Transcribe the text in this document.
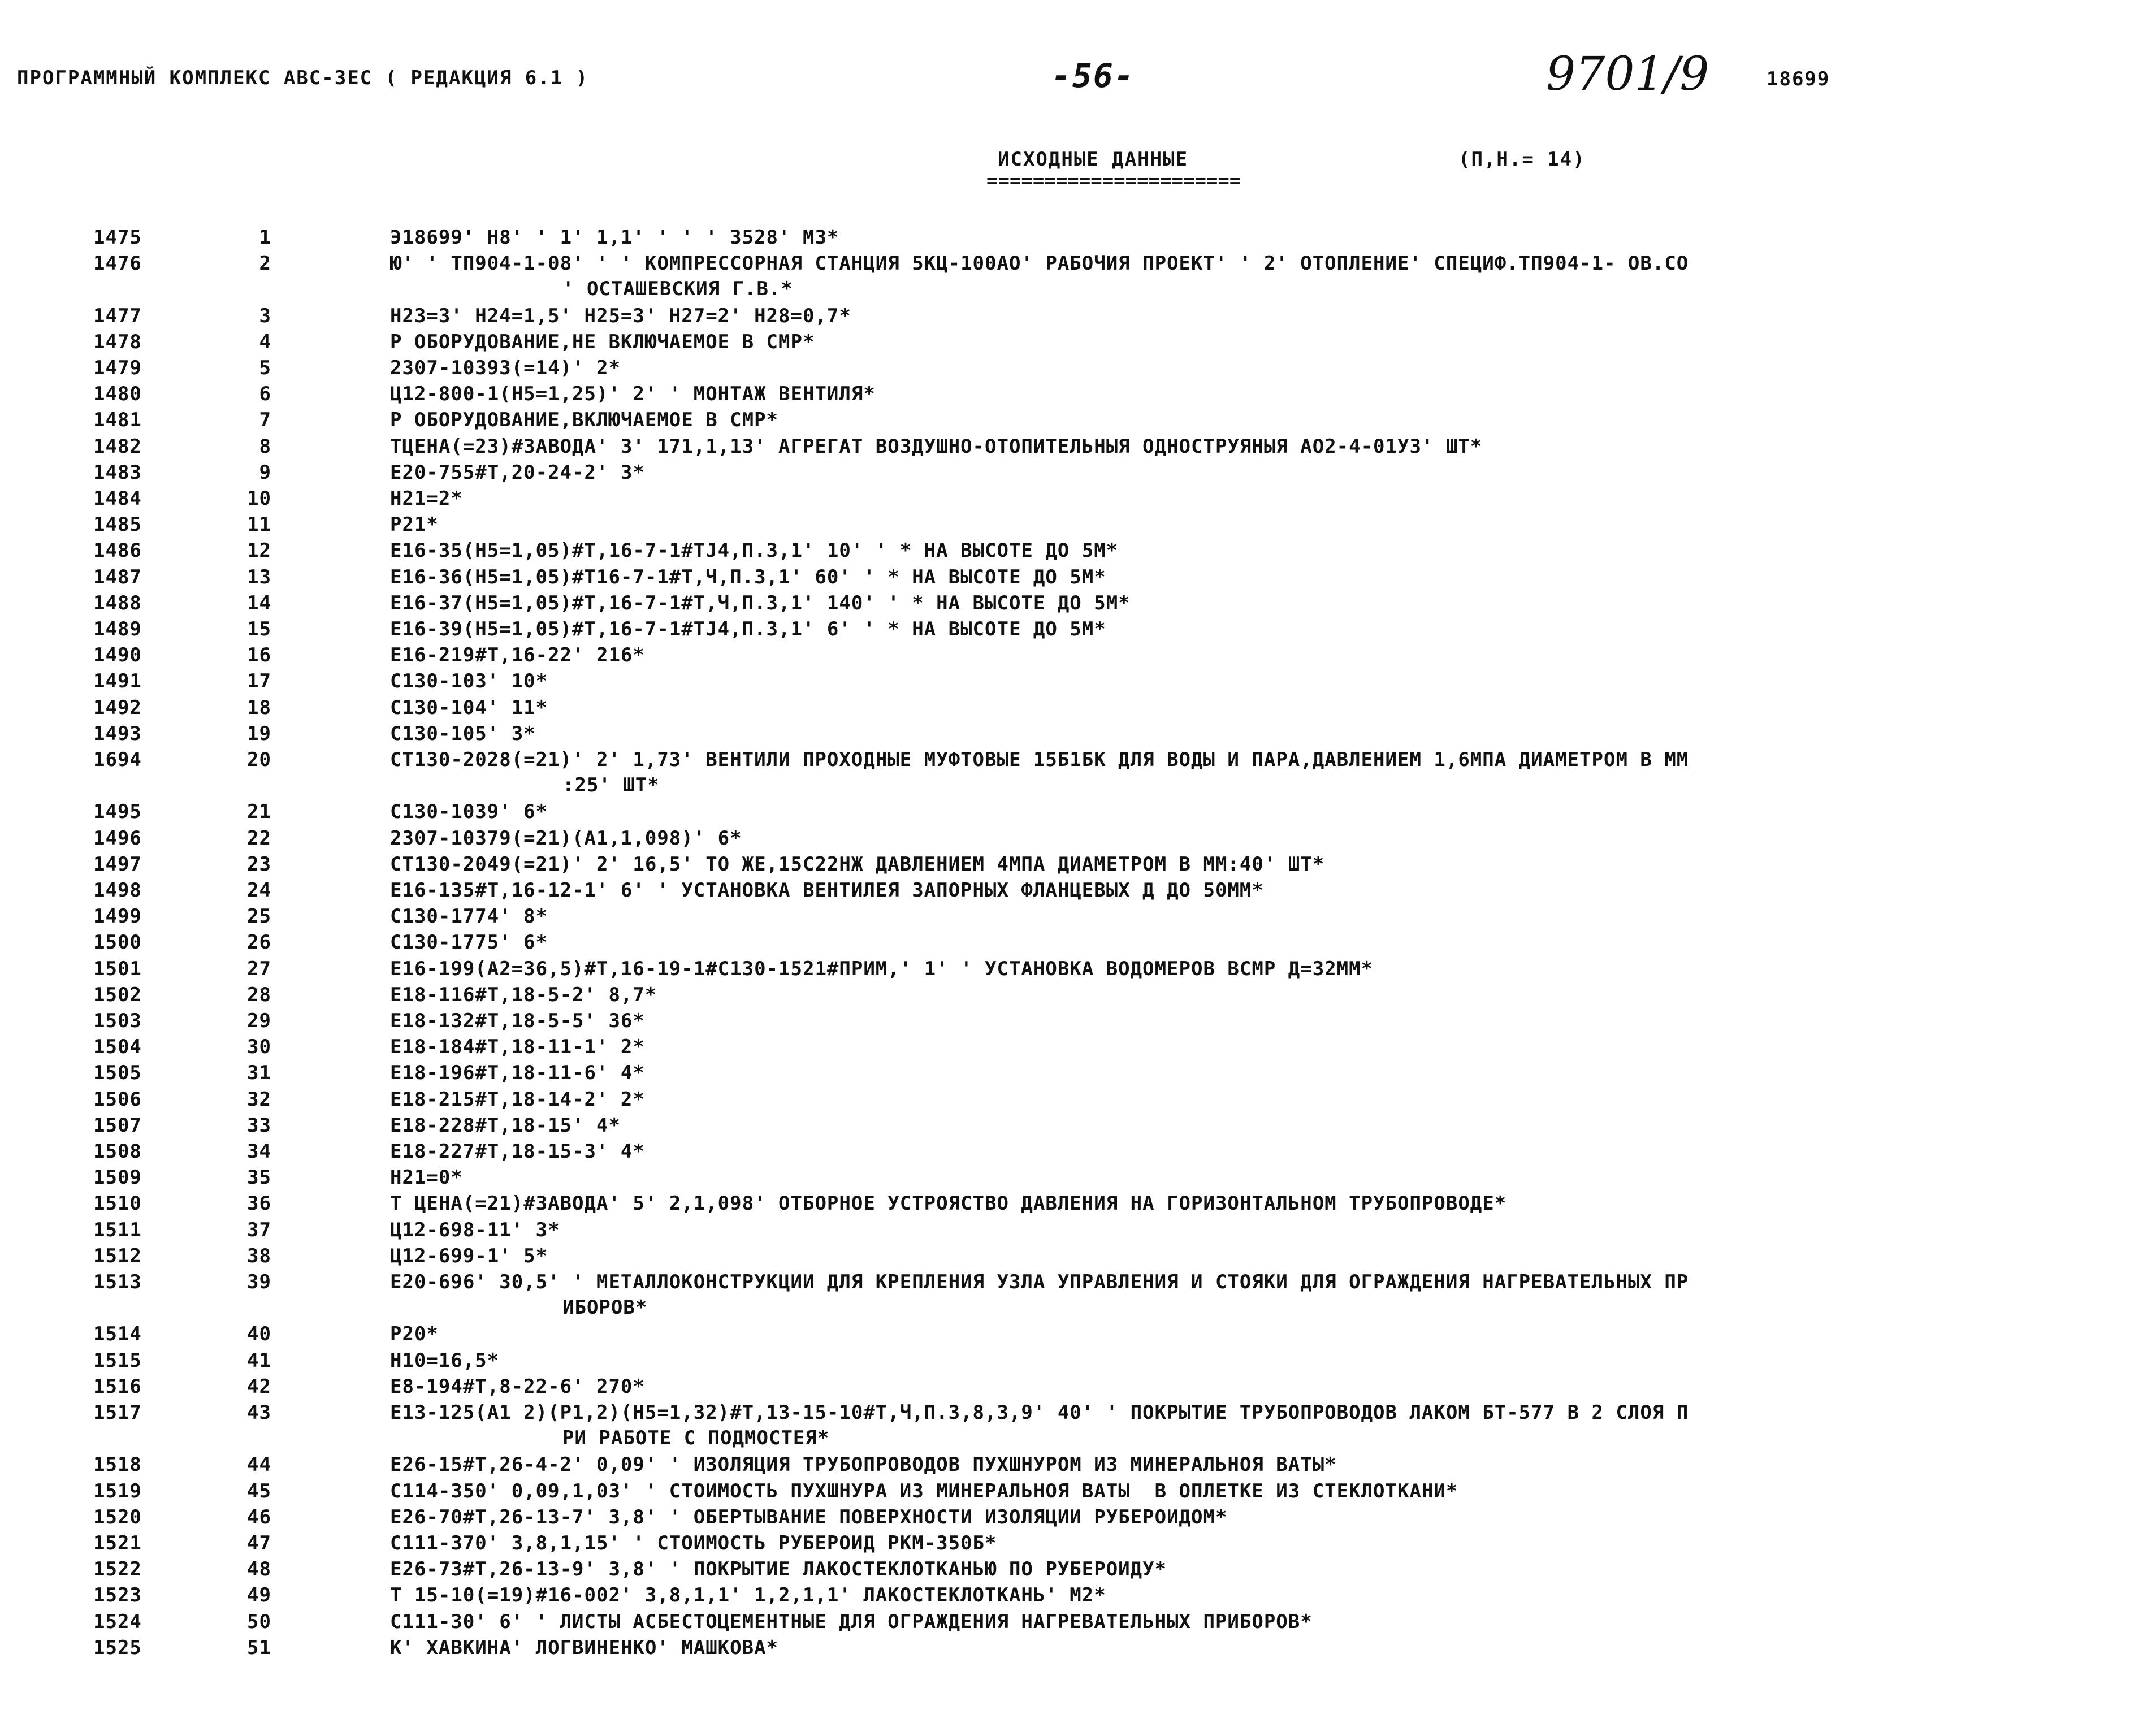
ПРОГРАММНЫЙ КОМПЛЕКС АВС-3ЕС ( РЕДАКЦИЯ 6.1 )	-56-	9701/9	18699
ИСХОДНЫЕ ДАННЫЕ	(П,Н.= 14)
======================
1475	1	Э18699' Н8' ' 1' 1,1' ' ' ' 3528' М3*
1476	2	Ю' ' ТП904-1-08' ' ' КОМПРЕССОРНАЯ СТАНЦИЯ 5КЦ-100АО' РАБОЧИЯ ПРОЕКТ' ' 2' ОТОПЛЕНИЕ' СПЕЦИФ.ТП904-1- ОВ.СО
' ОСТАШЕВСКИЯ Г.В.*
1477	3	Н23=3' Н24=1,5' Н25=3' Н27=2' Н28=0,7*
1478	4	Р ОБОРУДОВАНИЕ,НЕ ВКЛЮЧАЕМОЕ В СМР*
1479	5	2307-10393(=14)' 2*
1480	6	Ц12-800-1(Н5=1,25)' 2' ' МОНТАЖ ВЕНТИЛЯ*
1481	7	Р ОБОРУДОВАНИЕ,ВКЛЮЧАЕМОЕ В СМР*
1482	8	ТЦЕНА(=23)#ЗАВОДА' 3' 171,1,13' АГРЕГАТ ВОЗДУШНО-ОТОПИТЕЛЬНЫЯ ОДНОСТРУЯНЫЯ АО2-4-01УЗ' ШТ*
1483	9	Е20-755#Т,20-24-2' 3*
1484	10	Н21=2*
1485	11	Р21*
1486	12	Е16-35(Н5=1,05)#Т,16-7-1#ТЈ4,П.3,1' 10' ' * НА ВЫСОТЕ ДО 5М*
1487	13	Е16-36(Н5=1,05)#Т16-7-1#Т,Ч,П.3,1' 60' ' * НА ВЫСОТЕ ДО 5М*
1488	14	Е16-37(Н5=1,05)#Т,16-7-1#Т,Ч,П.3,1' 140' ' * НА ВЫСОТЕ ДО 5М*
1489	15	Е16-39(Н5=1,05)#Т,16-7-1#ТЈ4,П.3,1' 6' ' * НА ВЫСОТЕ ДО 5М*
1490	16	Е16-219#Т,16-22' 216*
1491	17	С130-103' 10*
1492	18	С130-104' 11*
1493	19	С130-105' 3*
1694	20	СТ130-2028(=21)' 2' 1,73' ВЕНТИЛИ ПРОХОДНЫЕ МУФТОВЫЕ 15Б1БК ДЛЯ ВОДЫ И ПАРА,ДАВЛЕНИЕМ 1,6МПА ДИАМЕТРОМ В ММ
:25' ШТ*
1495	21	С130-1039' 6*
1496	22	2307-10379(=21)(А1,1,098)' 6*
1497	23	СТ130-2049(=21)' 2' 16,5' ТО ЖЕ,15С22НЖ ДАВЛЕНИЕМ 4МПА ДИАМЕТРОМ В ММ:40' ШТ*
1498	24	Е16-135#Т,16-12-1' 6' ' УСТАНОВКА ВЕНТИЛЕЯ ЗАПОРНЫХ ФЛАНЦЕВЫХ Д ДО 50ММ*
1499	25	С130-1774' 8*
1500	26	С130-1775' 6*
1501	27	Е16-199(А2=36,5)#Т,16-19-1#С130-1521#ПРИМ,' 1' ' УСТАНОВКА ВОДОМЕРОВ ВСМР Д=32ММ*
1502	28	Е18-116#Т,18-5-2' 8,7*
1503	29	Е18-132#Т,18-5-5' 36*
1504	30	Е18-184#Т,18-11-1' 2*
1505	31	Е18-196#Т,18-11-6' 4*
1506	32	Е18-215#Т,18-14-2' 2*
1507	33	Е18-228#Т,18-15' 4*
1508	34	Е18-227#Т,18-15-3' 4*
1509	35	Н21=0*
1510	36	Т ЦЕНА(=21)#ЗАВОДА' 5' 2,1,098' ОТБОРНОЕ УСТРОЯСТВО ДАВЛЕНИЯ НА ГОРИЗОНТАЛЬНОМ ТРУБОПРОВОДЕ*
1511	37	Ц12-698-11' 3*
1512	38	Ц12-699-1' 5*
1513	39	Е20-696' 30,5' ' МЕТАЛЛОКОНСТРУКЦИИ ДЛЯ КРЕПЛЕНИЯ УЗЛА УПРАВЛЕНИЯ И СТОЯКИ ДЛЯ ОГРАЖДЕНИЯ НАГРЕВАТЕЛЬНЫХ ПР
ИБОРОВ*
1514	40	Р20*
1515	41	Н10=16,5*
1516	42	Е8-194#Т,8-22-6' 270*
1517	43	Е13-125(А1 2)(Р1,2)(Н5=1,32)#Т,13-15-10#Т,Ч,П.3,8,3,9' 40' ' ПОКРЫТИЕ ТРУБОПРОВОДОВ ЛАКОМ БТ-577 В 2 СЛОЯ П
РИ РАБОТЕ С ПОДМОСТЕЯ*
1518	44	Е26-15#Т,26-4-2' 0,09' ' ИЗОЛЯЦИЯ ТРУБОПРОВОДОВ ПУХШНУРОМ ИЗ МИНЕРАЛЬНОЯ ВАТЫ*
1519	45	С114-350' 0,09,1,03' ' СТОИМОСТЬ ПУХШНУРА ИЗ МИНЕРАЛЬНОЯ ВАТЫ  В ОПЛЕТКЕ ИЗ СТЕКЛОТКАНИ*
1520	46	Е26-70#Т,26-13-7' 3,8' ' ОБЕРТЫВАНИЕ ПОВЕРХНОСТИ ИЗОЛЯЦИИ РУБЕРОИДОМ*
1521	47	С111-370' 3,8,1,15' ' СТОИМОСТЬ РУБЕРОИД РКМ-350Б*
1522	48	Е26-73#Т,26-13-9' 3,8' ' ПОКРЫТИЕ ЛАКОСТЕКЛОТКАНЬЮ ПО РУБЕРОИДУ*
1523	49	Т 15-10(=19)#16-002' 3,8,1,1' 1,2,1,1' ЛАКОСТЕКЛОТКАНЬ' М2*
1524	50	С111-30' 6' ' ЛИСТЫ АСБЕСТОЦЕМЕНТНЫЕ ДЛЯ ОГРАЖДЕНИЯ НАГРЕВАТЕЛЬНЫХ ПРИБОРОВ*
1525	51	К' ХАВКИНА' ЛОГВИНЕНКО' МАШКОВА*
